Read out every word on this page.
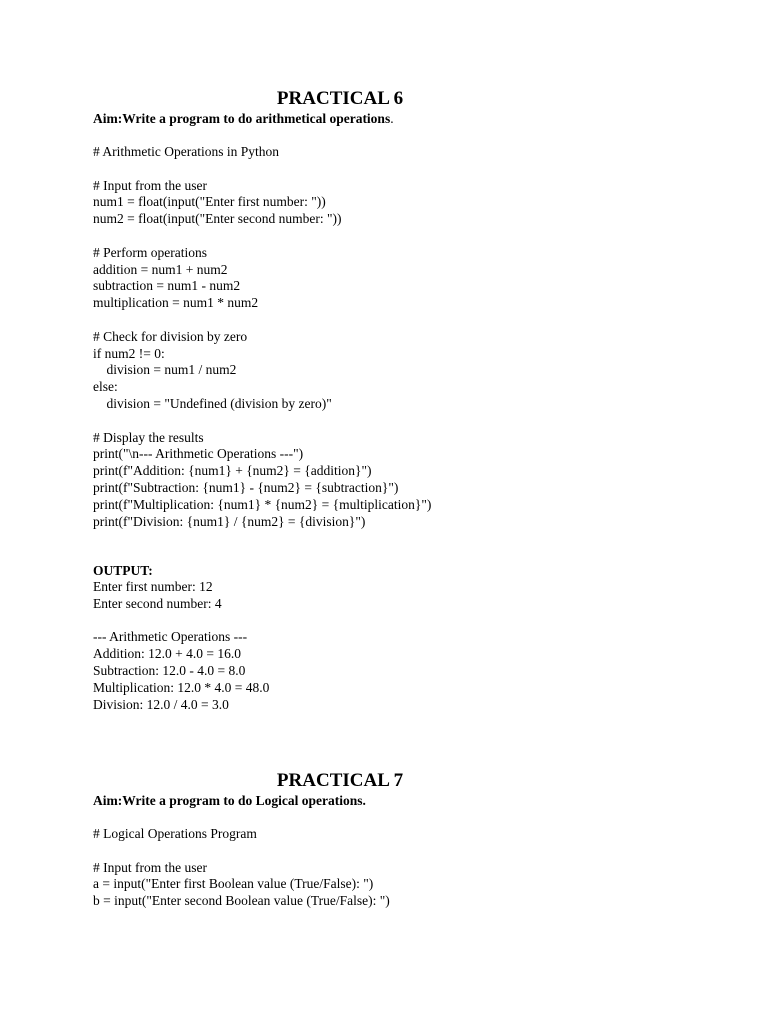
PRACTICAL 6
Aim:Write a program to do arithmetical operations.
# Arithmetic Operations in Python
# Input from the user
num1 = float(input("Enter first number: "))
num2 = float(input("Enter second number: "))
# Perform operations
addition = num1 + num2
subtraction = num1 - num2
multiplication = num1 * num2
# Check for division by zero
if num2 != 0:
division = num1 / num2
else:
division = "Undefined (division by zero)"
# Display the results
print("\n--- Arithmetic Operations ---")
print(f"Addition: {num1} + {num2} = {addition}")
print(f"Subtraction: {num1} - {num2} = {subtraction}")
print(f"Multiplication: {num1} * {num2} = {multiplication}")
print(f"Division: {num1} / {num2} = {division}")
OUTPUT:
Enter first number: 12
Enter second number: 4
--- Arithmetic Operations ---
Addition: 12.0 + 4.0 = 16.0
Subtraction: 12.0 - 4.0 = 8.0
Multiplication: 12.0 * 4.0 = 48.0
Division: 12.0 / 4.0 = 3.0
PRACTICAL 7
Aim:Write a program to do Logical operations.
# Logical Operations Program
# Input from the user
a = input("Enter first Boolean value (True/False): ")
b = input("Enter second Boolean value (True/False): ")
